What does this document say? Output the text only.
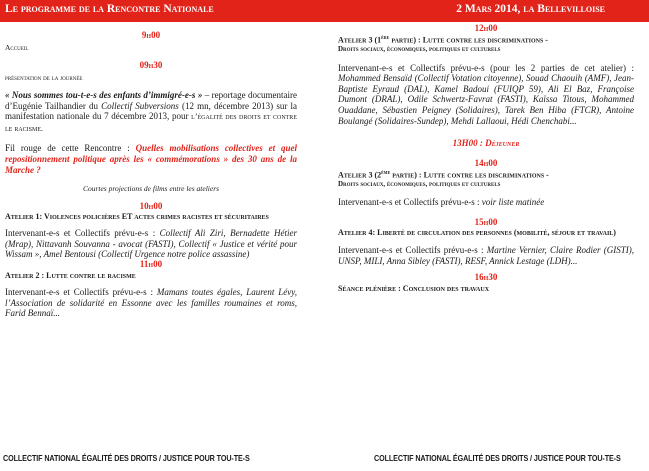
Le programme de la Rencontre Nationale	2 Mars 2014, la Bellevilloise

9h00

Accueil

09h30

présentation de la journée

« Nous sommes tou-t-e-s des enfants d’immigré-e-s » – reportage documentaire d’Eugénie Tailhandier du Collectif Subversions (12 mn, décembre 2013) sur la manifestation nationale du 7 décembre 2013, pour l’égalité des droits et contre le racisme.

Fil rouge de cette Rencontre : Quelles mobilisations collectives et quel repositionnement politique après les « commémorations » des 30 ans de la Marche ?

Courtes projections de films entre les ateliers

10h00

Atelier 1: Violences policières ET actes crimes racistes et sécuritaires

Intervenant-e-s et Collectifs prévu-e-s : Collectif Ali Ziri, Bernadette Hétier (Mrap), Nittavanh Souvanna - avocat (FASTI), Collectif « Justice et vérité pour Wissam », Amel Bentousi (Collectif Urgence notre police assassine)

11h00

Atelier 2 : Lutte contre le racisme

Intervenant-e-s et Collectifs prévu-e-s : Mamans toutes égales, Laurent Lévy, l’Association de solidarité en Essonne avec les familles roumaines et roms, Farid Bennaï...

12h00

Atelier 3 (1ère partie) : Lutte contre les discriminations -

Droits sociaux, économiques, politiques et culturels

Intervenant-e-s et Collectifs prévu-e-s (pour les 2 parties de cet atelier) : Mohammed Bensaïd (Collectif Votation citoyenne), Souad Chaouih (AMF), Jean-Baptiste Eyraud (DAL), Kamel Badoui (FUIQP 59), Ali El Baz, Françoise Dumont (DRAL), Odile Schwertz-Favrat (FASTI), Kaïssa Titous, Mohammed Ouaddane, Sébastien Peigney (Solidaires), Tarek Ben Hiba (FTCR), Antoine Boulangé (Solidaires-Sundep), Mehdi Lallaoui, Hédi Chenchabi...

13H00 : Déjeuner

14h00

Atelier 3 (2ème partie) : Lutte contre les discriminations -

Droits sociaux, économiques, politiques et culturels

Intervenant-e-s et Collectifs prévu-e-s : voir liste matinée

15h00

Atelier 4: Liberté de circulation des personnes (mobilité, séjour et travail)

Intervenant-e-s et Collectifs prévu-e-s : Martine Vernier, Claire Rodier (GISTI), UNSP, MILI, Anna Sibley (FASTI), RESF, Annick Lestage (LDH)...

16h30

Séance plénière : Conclusion des travaux

COLLECTIF NATIONAL ÉGALITÉ DES DROITS / JUSTICE POUR TOU-TE-S	COLLECTIF NATIONAL ÉGALITÉ DES DROITS / JUSTICE POUR TOU-TE-S
